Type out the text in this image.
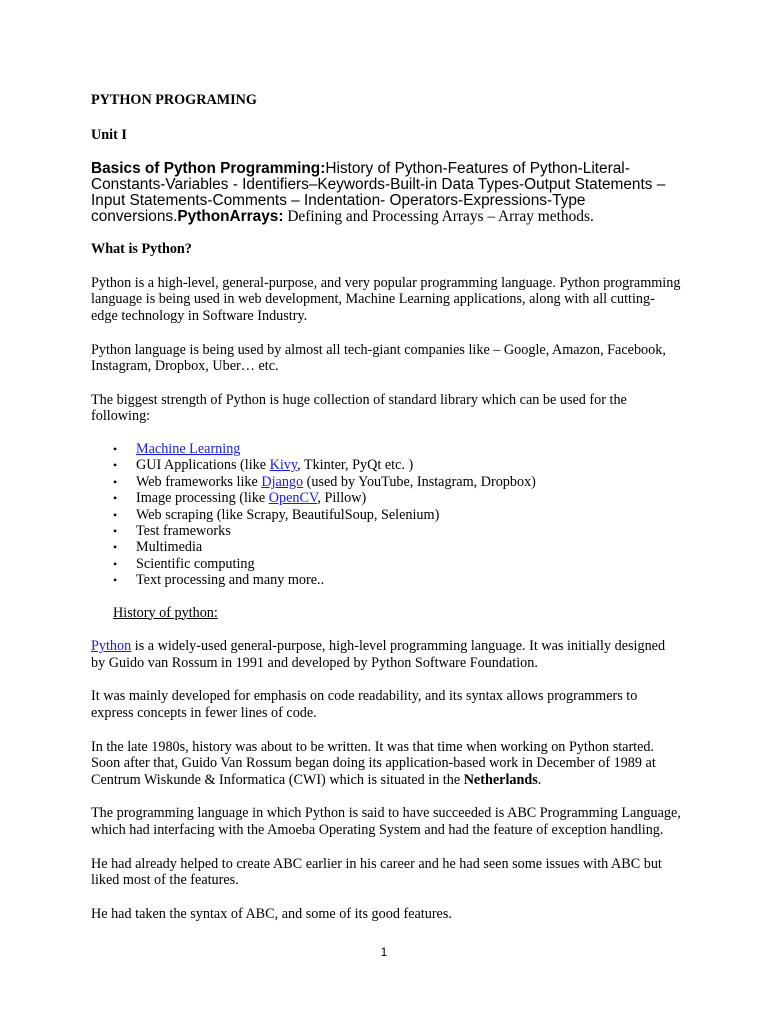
PYTHON PROGRAMING

Unit I

Basics of Python Programming:History of Python-Features of Python-Literal-Constants-Variables - Identifiers–Keywords-Built-in Data Types-Output Statements – Input Statements-Comments – Indentation- Operators-Expressions-Type conversions.PythonArrays: Defining and Processing Arrays – Array methods.

What is Python?

Python is a high-level, general-purpose, and very popular programming language. Python programming language is being used in web development, Machine Learning applications, along with all cutting-edge technology in Software Industry.

Python language is being used by almost all tech-giant companies like – Google, Amazon, Facebook, Instagram, Dropbox, Uber… etc.

The biggest strength of Python is huge collection of standard library which can be used for the following:

• Machine Learning
• GUI Applications (like Kivy, Tkinter, PyQt etc. )
• Web frameworks like Django (used by YouTube, Instagram, Dropbox)
• Image processing (like OpenCV, Pillow)
• Web scraping (like Scrapy, BeautifulSoup, Selenium)
• Test frameworks
• Multimedia
• Scientific computing
• Text processing and many more..

History of python:

Python is a widely-used general-purpose, high-level programming language. It was initially designed by Guido van Rossum in 1991 and developed by Python Software Foundation.

It was mainly developed for emphasis on code readability, and its syntax allows programmers to express concepts in fewer lines of code.

In the late 1980s, history was about to be written. It was that time when working on Python started. Soon after that, Guido Van Rossum began doing its application-based work in December of 1989 at Centrum Wiskunde & Informatica (CWI) which is situated in the Netherlands.

The programming language in which Python is said to have succeeded is ABC Programming Language, which had interfacing with the Amoeba Operating System and had the feature of exception handling.

He had already helped to create ABC earlier in his career and he had seen some issues with ABC but liked most of the features.

He had taken the syntax of ABC, and some of its good features.

1
